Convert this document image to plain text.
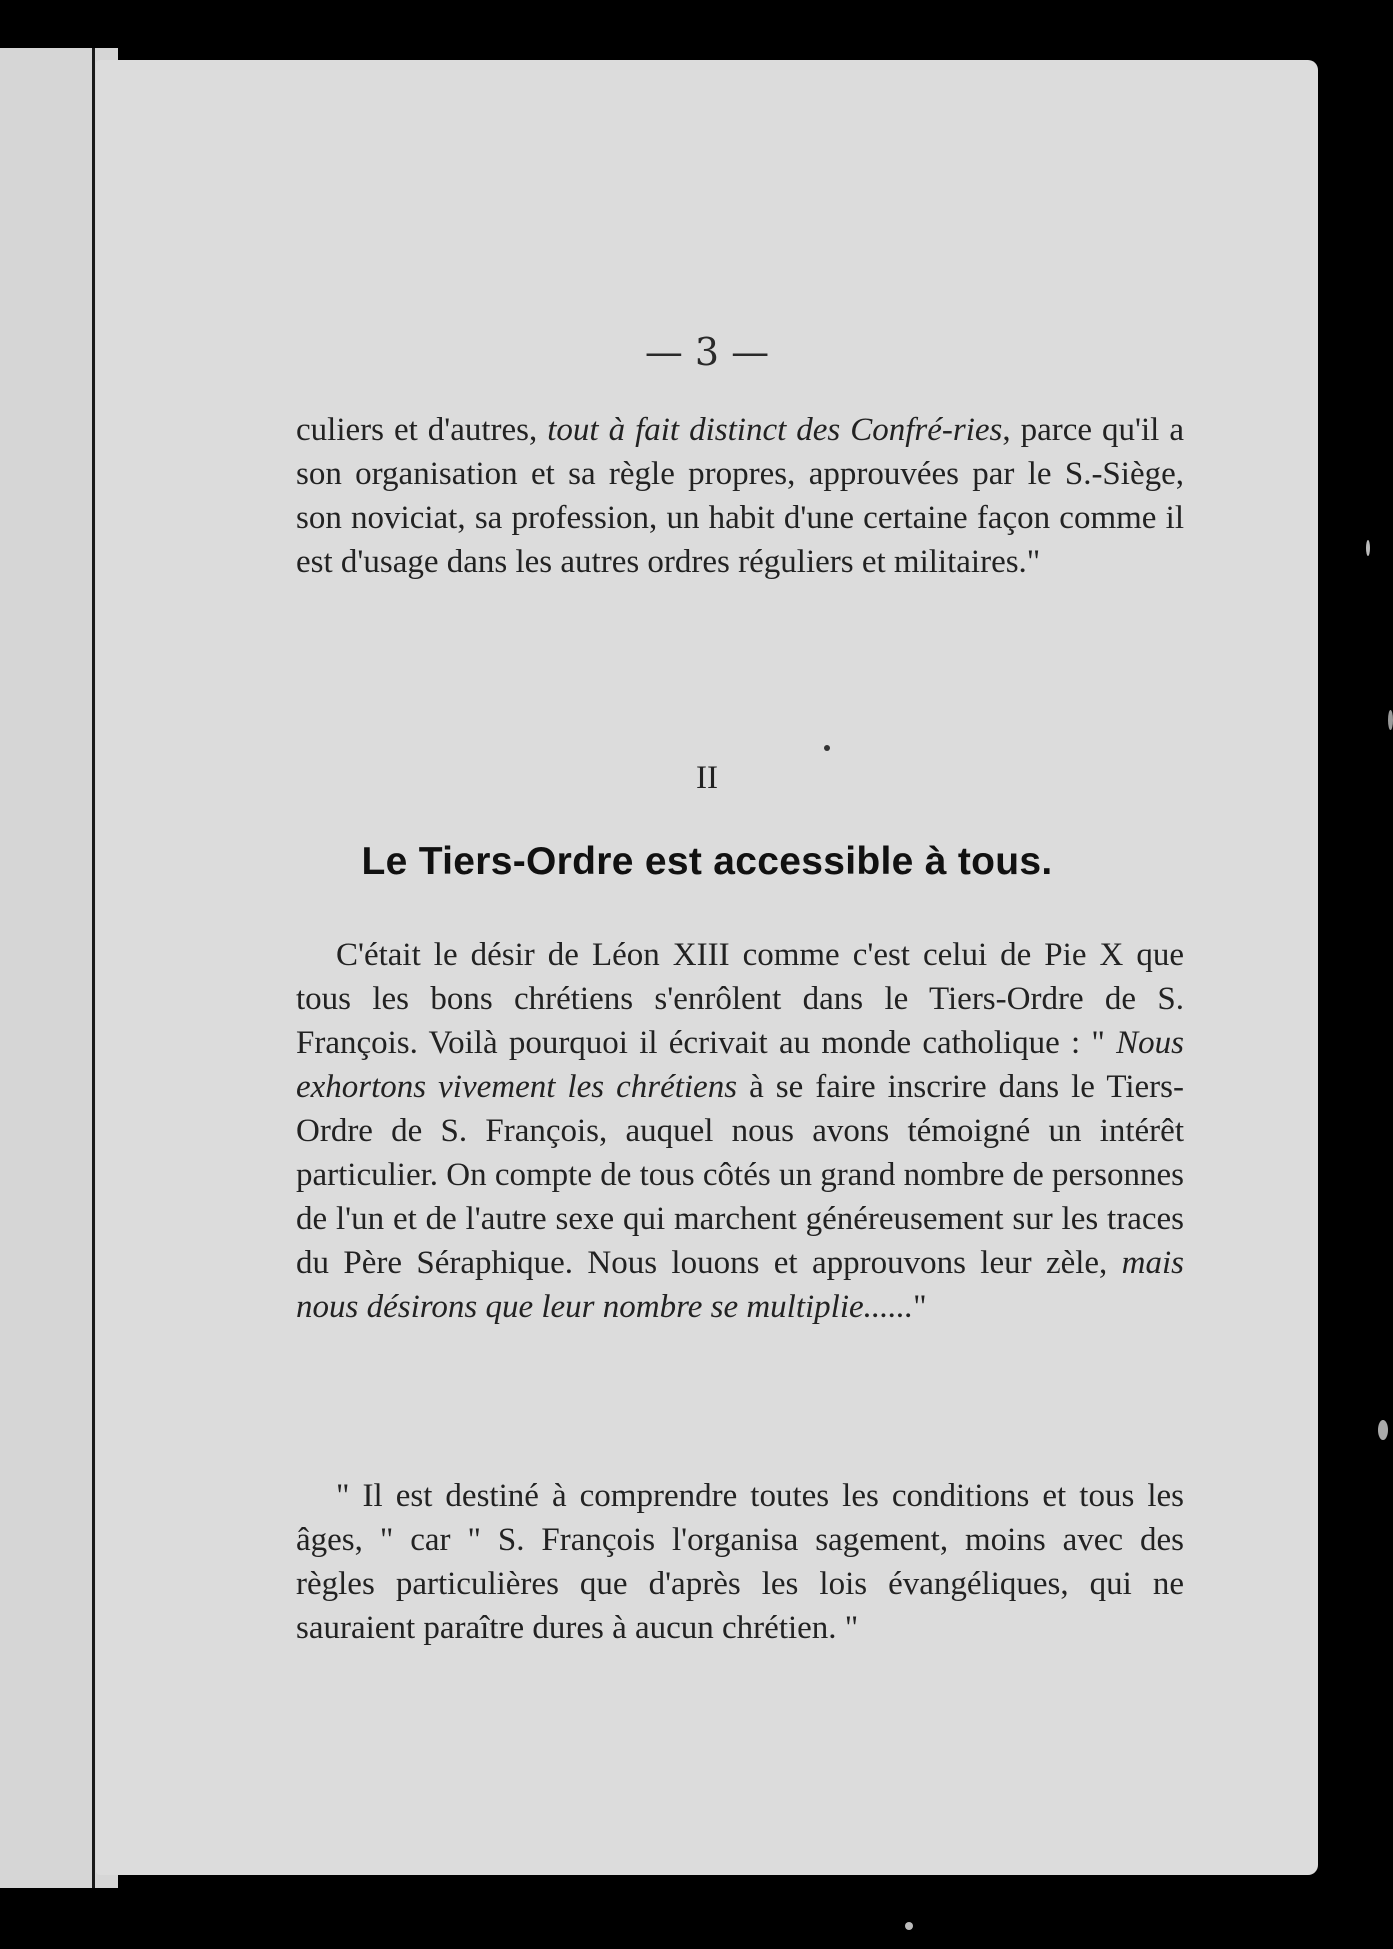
— 3 —

culiers et d'autres, tout à fait distinct des Confré-ries, parce qu'il a son organisation et sa règle propres, approuvées par le S.-Siège, son noviciat, sa profession, un habit d'une certaine façon comme il est d'usage dans les autres ordres réguliers et militaires."

II
Le Tiers-Ordre est accessible à tous.

C'était le désir de Léon XIII comme c'est celui de Pie X que tous les bons chrétiens s'enrôlent dans le Tiers-Ordre de S. François. Voilà pourquoi il écrivait au monde catholique : " Nous exhortons vivement les chrétiens à se faire inscrire dans le Tiers-Ordre de S. François, auquel nous avons témoigné un intérêt particulier. On compte de tous côtés un grand nombre de personnes de l'un et de l'autre sexe qui marchent généreusement sur les traces du Père Séraphique. Nous louons et approuvons leur zèle, mais nous désirons que leur nombre se multiplie......"

" Il est destiné à comprendre toutes les conditions et tous les âges, " car " S. François l'organisa sagement, moins avec des règles particulières que d'après les lois évangéliques, qui ne sauraient paraître dures à aucun chrétien. "
